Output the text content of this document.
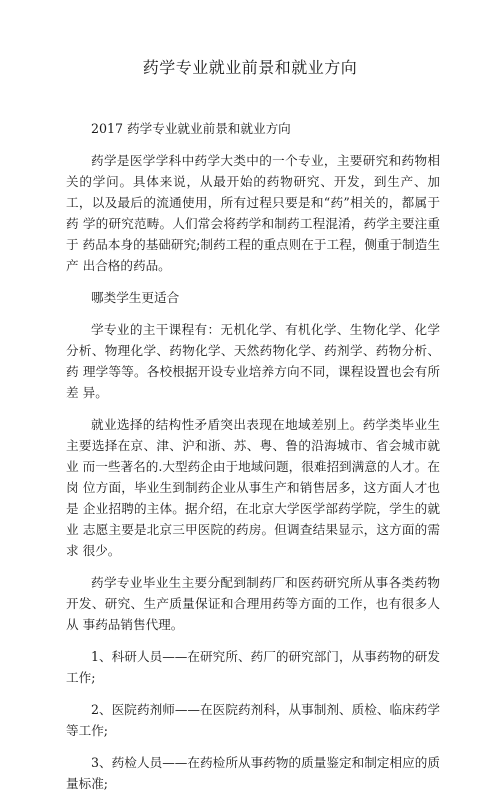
药学专业就业前景和就业方向

2017 药学专业就业前景和就业方向

药学是医学学科中药学大类中的一个专业，主要研究和药物相关的学问。具体来说，从最开始的药物研究、开发，到生产、加工，以及最后的流通使用，所有过程只要是和“药”相关的，都属于药 学的研究范畴。人们常会将药学和制药工程混淆，药学主要注重于 药品本身的基础研究;制药工程的重点则在于工程，侧重于制造生产 出合格的药品。

哪类学生更适合

学专业的主干课程有：无机化学、有机化学、生物化学、化学分析、物理化学、药物化学、天然药物化学、药剂学、药物分析、药 理学等等。各校根据开设专业培养方向不同，课程设置也会有所差 异。

就业选择的结构性矛盾突出表现在地域差别上。药学类毕业生主要选择在京、津、沪和浙、苏、粤、鲁的沿海城市、省会城市就业 而一些著名的.大型药企由于地域问题，很难招到满意的人才。在岗 位方面，毕业生到制药企业从事生产和销售居多，这方面人才也是 企业招聘的主体。据介绍，在北京大学医学部药学院，学生的就业 志愿主要是北京三甲医院的药房。但调查结果显示，这方面的需求 很少。

药学专业毕业生主要分配到制药厂和医药研究所从事各类药物开发、研究、生产质量保证和合理用药等方面的工作，也有很多人从 事药品销售代理。

1、科研人员——在研究所、药厂的研究部门，从事药物的研发 工作;

2、医院药剂师——在医院药剂科，从事制剂、质检、临床药学 等工作;

3、药检人员——在药检所从事药物的质量鉴定和制定相应的质 量标准;
